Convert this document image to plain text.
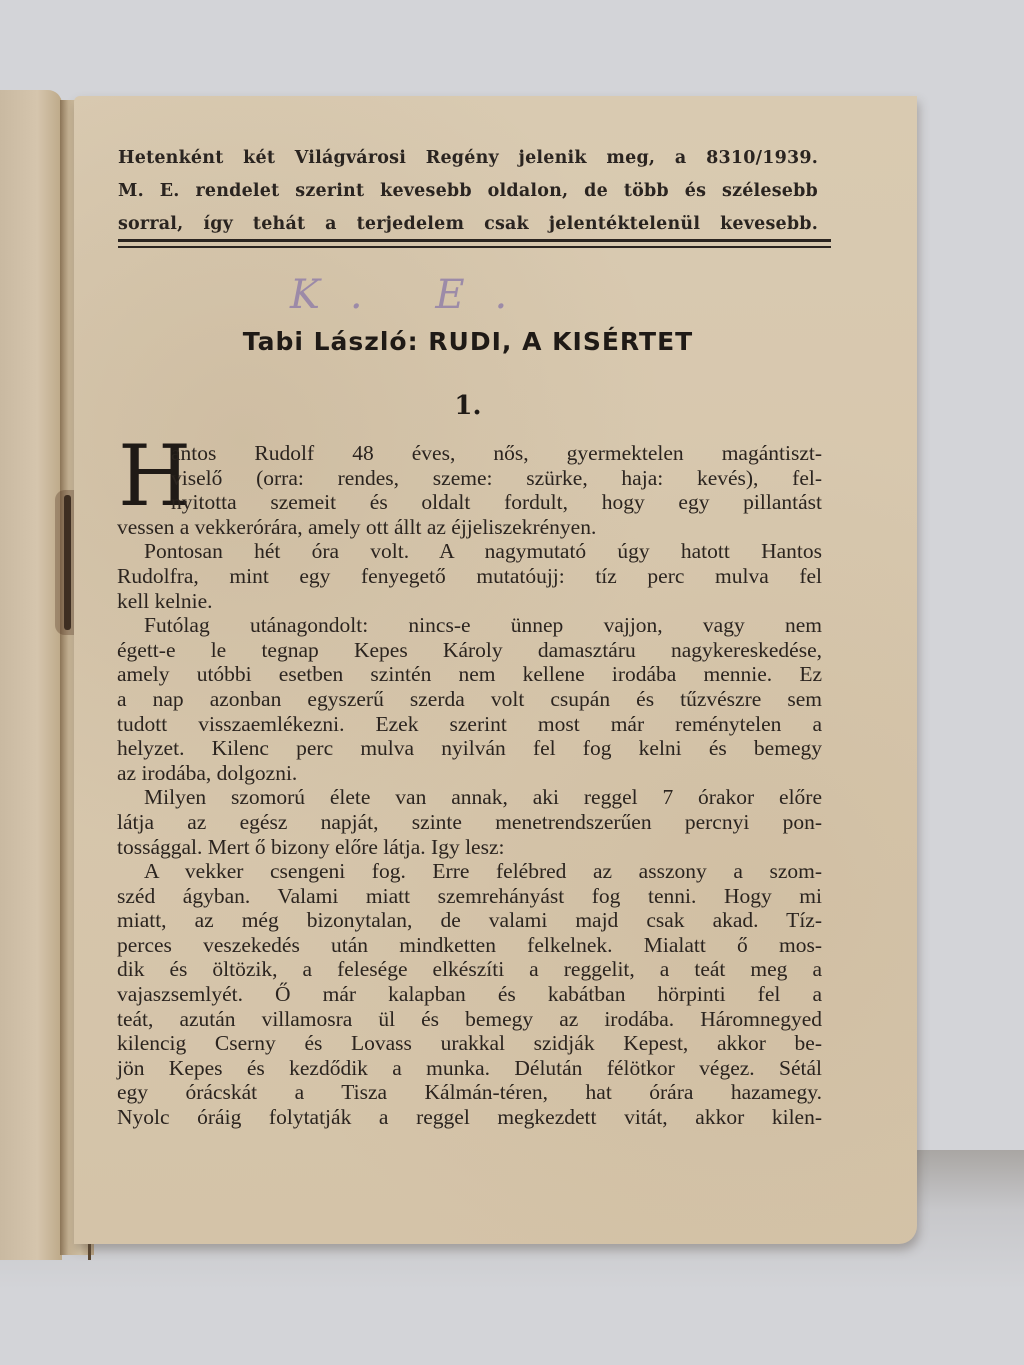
Hetenként két Világvárosi Regény jelenik meg, a 8310/1939.
M. E. rendelet szerint kevesebb oldalon, de több és szélesebb
sorral, így tehát a terjedelem csak jelentéktelenül kevesebb.
K. E.
Tabi László: RUDI, A KISÉRTET
1.
H
antos Rudolf 48 éves, nős, gyermektelen magántiszt-
viselő (orra: rendes, szeme: szürke, haja: kevés), fel-
nyitotta szemeit és oldalt fordult, hogy egy pillantást
vessen a vekkerórára, amely ott állt az éjjeliszekrényen.
Pontosan hét óra volt. A nagymutató úgy hatott Hantos
Rudolfra, mint egy fenyegető mutatóujj: tíz perc mulva fel
kell kelnie.
Futólag utánagondolt: nincs-e ünnep vajjon, vagy nem
égett-e le tegnap Kepes Károly damasztáru nagykereskedése,
amely utóbbi esetben szintén nem kellene irodába mennie. Ez
a nap azonban egyszerű szerda volt csupán és tűzvészre sem
tudott visszaemlékezni. Ezek szerint most már reménytelen a
helyzet. Kilenc perc mulva nyilván fel fog kelni és bemegy
az irodába, dolgozni.
Milyen szomorú élete van annak, aki reggel 7 órakor előre
látja az egész napját, szinte menetrendszerűen percnyi pon-
tossággal. Mert ő bizony előre látja. Igy lesz:
A vekker csengeni fog. Erre felébred az asszony a szom-
széd ágyban. Valami miatt szemrehányást fog tenni. Hogy mi
miatt, az még bizonytalan, de valami majd csak akad. Tíz-
perces veszekedés után mindketten felkelnek. Mialatt ő mos-
dik és öltözik, a felesége elkészíti a reggelit, a teát meg a
vajaszsemlyét. Ő már kalapban és kabátban hörpinti fel a
teát, azután villamosra ül és bemegy az irodába. Háromnegyed
kilencig Cserny és Lovass urakkal szidják Kepest, akkor be-
jön Kepes és kezdődik a munka. Délután félötkor végez. Sétál
egy órácskát a Tisza Kálmán-téren, hat órára hazamegy.
Nyolc óráig folytatják a reggel megkezdett vitát, akkor kilen-
